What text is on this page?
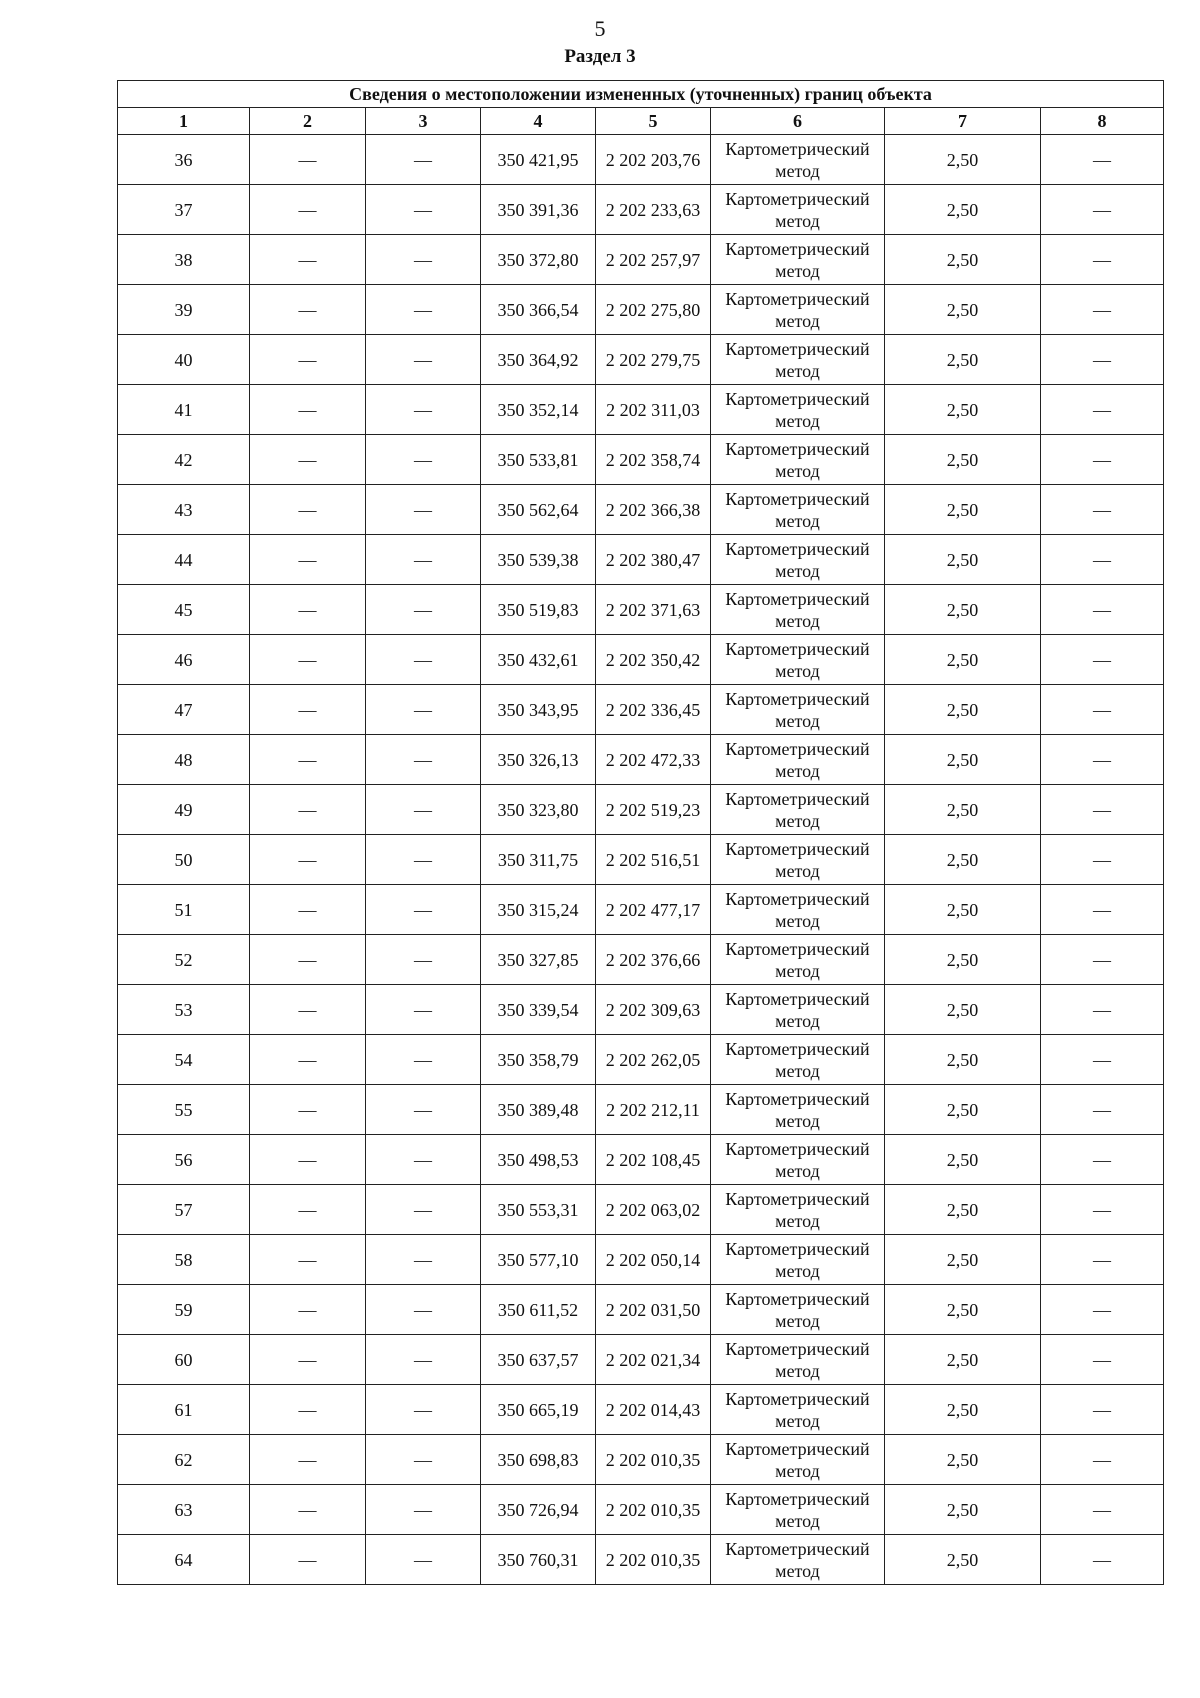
5
Раздел 3
Сведения о местоположении измененных (уточненных) границ объекта							
1	2	3	4	5	6	7	8
36	—	—	350 421,95	2 202 203,76	Картометрический метод	2,50	—
37	—	—	350 391,36	2 202 233,63	Картометрический метод	2,50	—
38	—	—	350 372,80	2 202 257,97	Картометрический метод	2,50	—
39	—	—	350 366,54	2 202 275,80	Картометрический метод	2,50	—
40	—	—	350 364,92	2 202 279,75	Картометрический метод	2,50	—
41	—	—	350 352,14	2 202 311,03	Картометрический метод	2,50	—
42	—	—	350 533,81	2 202 358,74	Картометрический метод	2,50	—
43	—	—	350 562,64	2 202 366,38	Картометрический метод	2,50	—
44	—	—	350 539,38	2 202 380,47	Картометрический метод	2,50	—
45	—	—	350 519,83	2 202 371,63	Картометрический метод	2,50	—
46	—	—	350 432,61	2 202 350,42	Картометрический метод	2,50	—
47	—	—	350 343,95	2 202 336,45	Картометрический метод	2,50	—
48	—	—	350 326,13	2 202 472,33	Картометрический метод	2,50	—
49	—	—	350 323,80	2 202 519,23	Картометрический метод	2,50	—
50	—	—	350 311,75	2 202 516,51	Картометрический метод	2,50	—
51	—	—	350 315,24	2 202 477,17	Картометрический метод	2,50	—
52	—	—	350 327,85	2 202 376,66	Картометрический метод	2,50	—
53	—	—	350 339,54	2 202 309,63	Картометрический метод	2,50	—
54	—	—	350 358,79	2 202 262,05	Картометрический метод	2,50	—
55	—	—	350 389,48	2 202 212,11	Картометрический метод	2,50	—
56	—	—	350 498,53	2 202 108,45	Картометрический метод	2,50	—
57	—	—	350 553,31	2 202 063,02	Картометрический метод	2,50	—
58	—	—	350 577,10	2 202 050,14	Картометрический метод	2,50	—
59	—	—	350 611,52	2 202 031,50	Картометрический метод	2,50	—
60	—	—	350 637,57	2 202 021,34	Картометрический метод	2,50	—
61	—	—	350 665,19	2 202 014,43	Картометрический метод	2,50	—
62	—	—	350 698,83	2 202 010,35	Картометрический метод	2,50	—
63	—	—	350 726,94	2 202 010,35	Картометрический метод	2,50	—
64	—	—	350 760,31	2 202 010,35	Картометрический метод	2,50	—
